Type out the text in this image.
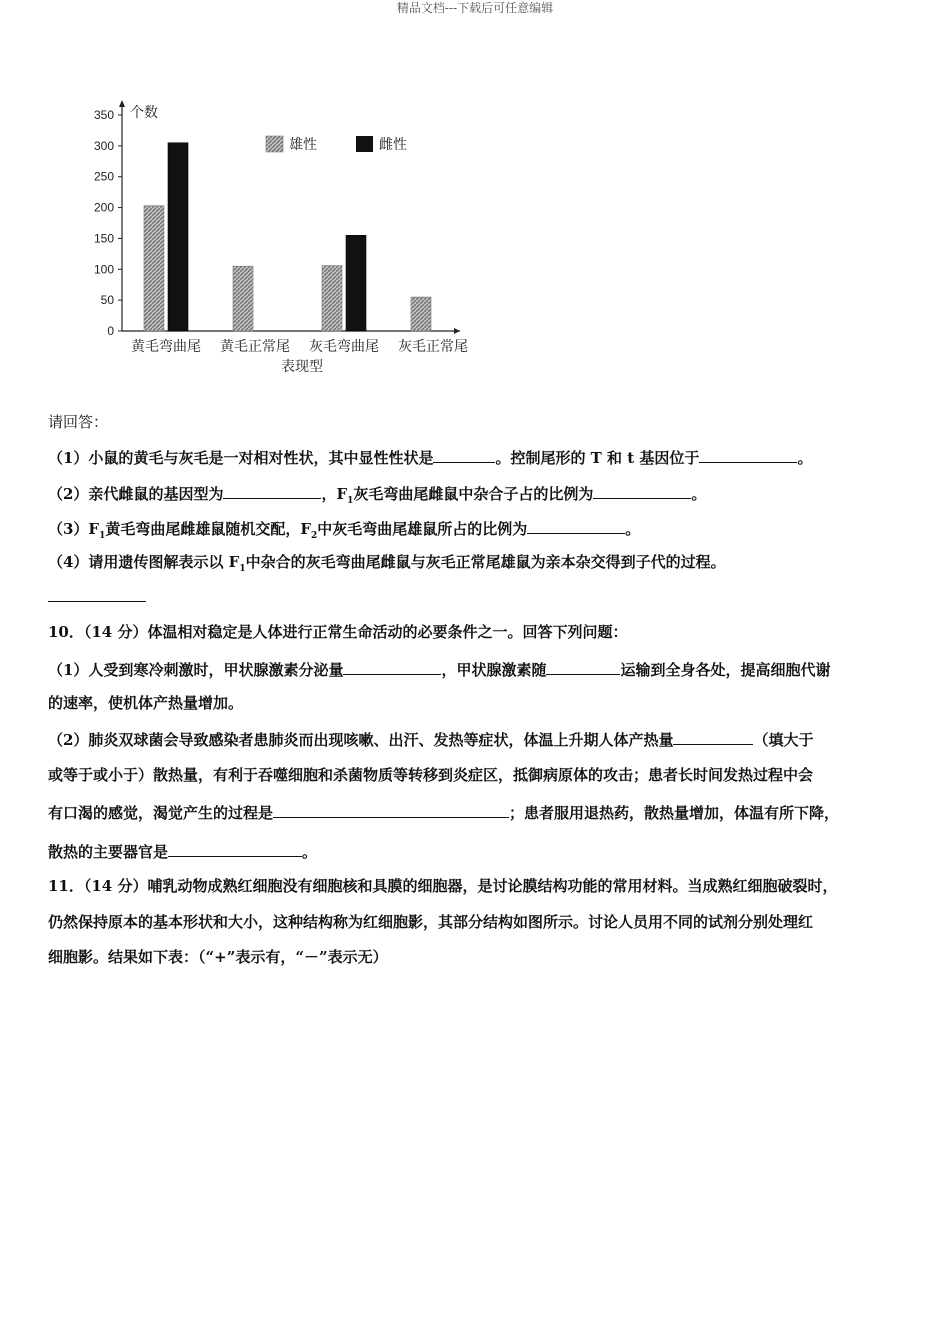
精品文档---下载后可任意编辑
0
50
100
150
200
250
300
350 个数
黄毛弯曲尾 黄毛正常尾 灰毛弯曲尾 灰毛正常尾
表现型
雄性	雌性
请回答：
（1）小鼠的黄毛与灰毛是一对相对性状，其中显性性状是	。控制尾形的 T 和 t 基因位于	。
（2）亲代雌鼠的基因型为	，$F_1$灰毛弯曲尾雌鼠中杂合子占的比例为	。
$(3)F_1$黄毛弯曲尾雌雄鼠随机交配，$F_2$中灰毛弯曲尾雄鼠所占的比例为	。
（4）请用遗传图解表示以 $F_1$中杂合的灰毛弯曲尾雌鼠与灰毛正常尾雄鼠为亲本杂交得到子代的过程。
10．（14 分）体温相对稳定是人体进行正常生命活动的必要条件之一。回答下列问题：
（1）人受到寒冷刺激时，甲状腺激素分泌量	，甲状腺激素随	运输到全身各处，提高细胞代谢
的速率，使机体产热量增加。
（2）肺炎双球菌会导致感染者患肺炎而出现咳嗽、出汗、发热等症状，体温上升期人体产热量	（填大于
或等于或小于）散热量，有利于吞噬细胞和杀菌物质等转移到炎症区，抵御病原体的攻击；患者长时间发热过程中会
有口渴的感觉，渴觉产生的过程是	；患者服用退热药，散热量增加，体温有所下降，
散热的主要器官是	。
11．（14 分）哺乳动物成熟红细胞没有细胞核和具膜的细胞器，是讨论膜结构功能的常用材料。当成熟红细胞破裂时，
仍然保持原本的基本形状和大小，这种结构称为红细胞影，其部分结构如图所示。讨论人员用不同的试剂分别处理红
细胞影。结果如下表：（“+”表示有，“－”表示无）
